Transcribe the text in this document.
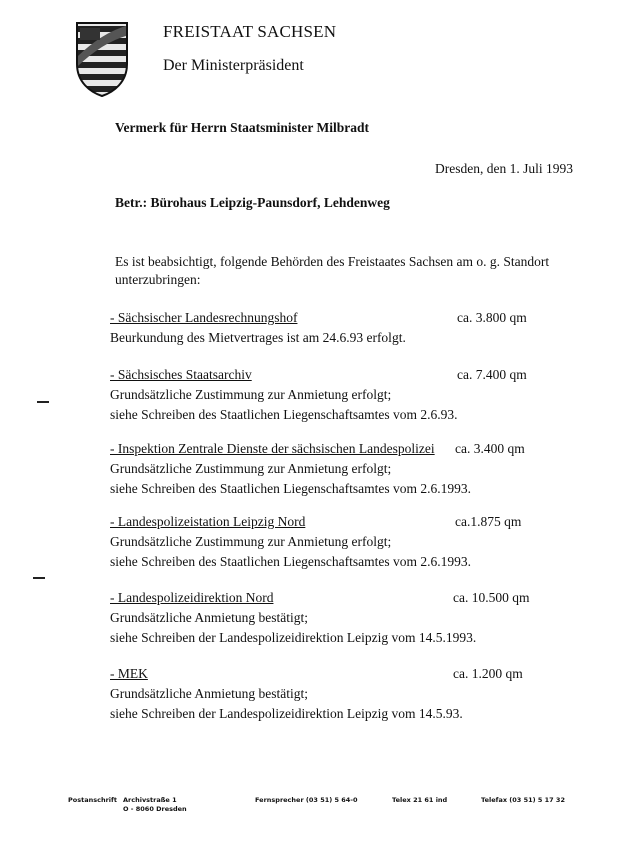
FREISTAAT SACHSEN
Der Ministerpräsident
Vermerk für Herrn Staatsminister Milbradt
Dresden, den 1. Juli 1993
Betr.: Bürohaus Leipzig-Paunsdorf, Lehdenweg
Es ist beabsichtigt, folgende Behörden des Freistaates Sachsen am o. g. Standort unterzubringen:
- Sächsischer Landesrechnungshof	ca. 3.800 qm
Beurkundung des Mietvertrages ist am 24.6.93 erfolgt.
- Sächsisches Staatsarchiv	ca. 7.400 qm
Grundsätzliche Zustimmung zur Anmietung erfolgt;
siehe Schreiben des Staatlichen Liegenschaftsamtes vom 2.6.93.
- Inspektion Zentrale Dienste der sächsischen Landespolizei	ca. 3.400 qm
Grundsätzliche Zustimmung zur Anmietung erfolgt;
siehe Schreiben des Staatlichen Liegenschaftsamtes vom 2.6.1993.
- Landespolizeistation Leipzig Nord	ca.1.875 qm
Grundsätzliche Zustimmung zur Anmietung erfolgt;
siehe Schreiben des Staatlichen Liegenschaftsamtes vom 2.6.1993.
- Landespolizeidirektion Nord	ca. 10.500 qm
Grundsätzliche Anmietung bestätigt;
siehe Schreiben der Landespolizeidirektion Leipzig vom 14.5.1993.
- MEK	ca. 1.200 qm
Grundsätzliche Anmietung bestätigt;
siehe Schreiben der Landespolizeidirektion Leipzig vom 14.5.93.
Postanschrift Archivstraße 1
O - 8060 Dresden
Fernsprecher (03 51) 5 64-0	Telex 21 61 ind	Telefax (03 51) 5 17 32
